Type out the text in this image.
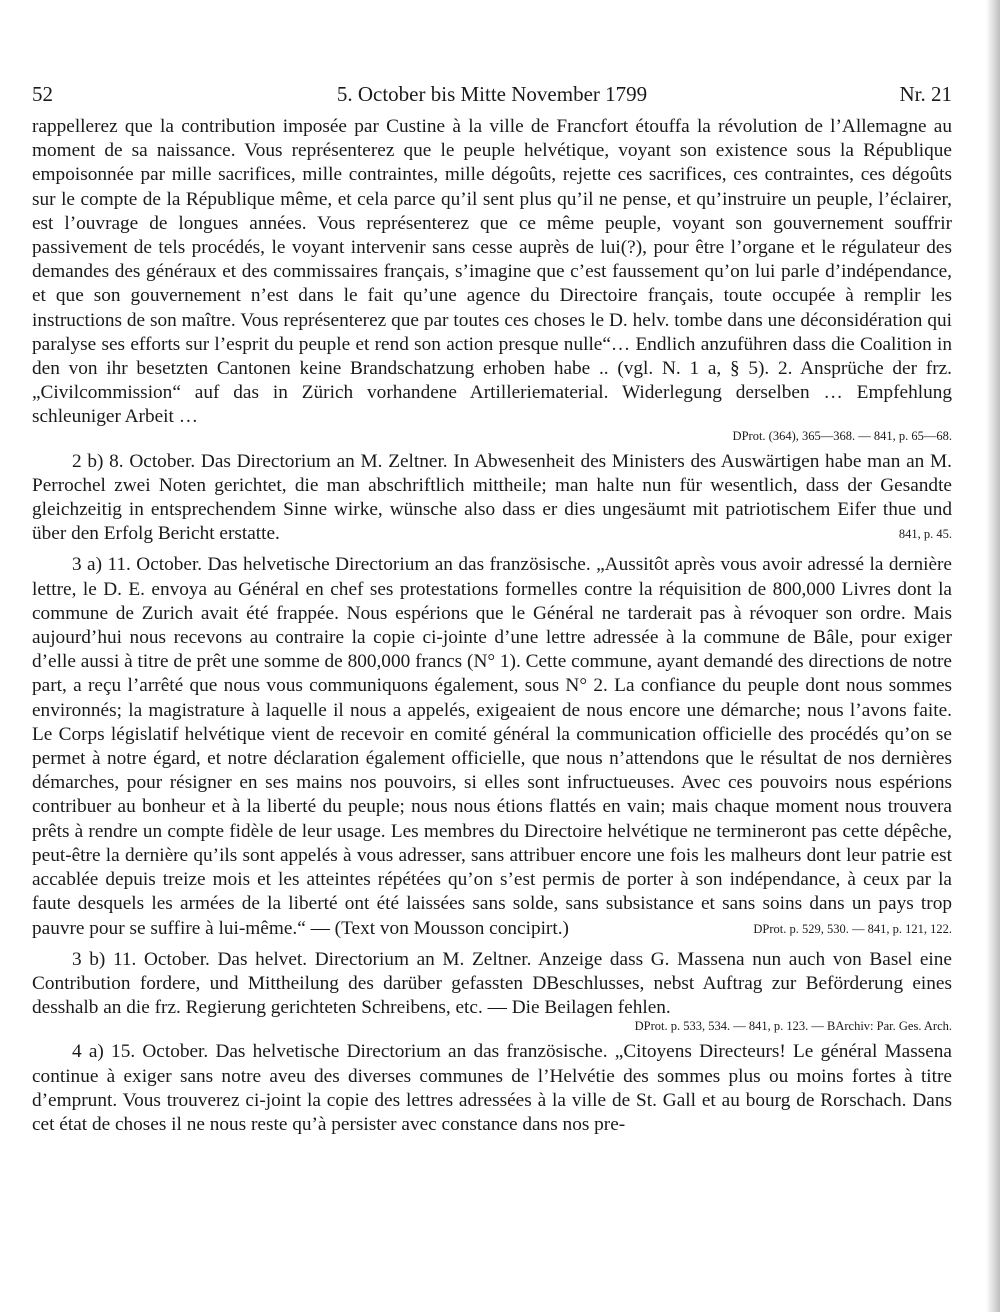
52	5. October bis Mitte November 1799	Nr. 21

rappellerez que la contribution imposée par Custine à la ville de Francfort étouffa la révolution de l’Allemagne au moment de sa naissance. Vous représenterez que le peuple helvétique, voyant son existence sous la République empoisonnée par mille sacrifices, mille contraintes, mille dégoûts, rejette ces sacrifices, ces contraintes, ces dégoûts sur le compte de la République même, et cela parce qu’il sent plus qu’il ne pense, et qu’instruire un peuple, l’éclairer, est l’ouvrage de longues années. Vous représenterez que ce même peuple, voyant son gouvernement souffrir passivement de tels procédés, le voyant intervenir sans cesse auprès de lui(?), pour être l’organe et le régulateur des demandes des généraux et des commissaires français, s’imagine que c’est faussement qu’on lui parle d’indépendance, et que son gouvernement n’est dans le fait qu’une agence du Directoire français, toute occupée à remplir les instructions de son maître. Vous représenterez que par toutes ces choses le D. helv. tombe dans une déconsidération qui paralyse ses efforts sur l’esprit du peuple et rend son action presque nulle“… Endlich anzuführen dass die Coalition in den von ihr besetzten Cantonen keine Brandschatzung erhoben habe .. (vgl. N. 1 a, § 5). 2. Ansprüche der frz. „Civilcommission“ auf das in Zürich vorhandene Artilleriematerial. Widerlegung derselben … Empfehlung schleuniger Arbeit …

DProt. (364), 365—368. — 841, p. 65—68.

2 b) 8. October. Das Directorium an M. Zeltner. In Abwesenheit des Ministers des Auswärtigen habe man an M. Perrochel zwei Noten gerichtet, die man abschriftlich mittheile; man halte nun für wesentlich, dass der Gesandte gleichzeitig in entsprechendem Sinne wirke, wünsche also dass er dies ungesäumt mit patriotischem Eifer thue und über den Erfolg Bericht erstatte.	841, p. 45.

3 a) 11. October. Das helvetische Directorium an das französische. „Aussitôt après vous avoir adressé la dernière lettre, le D. E. envoya au Général en chef ses protestations formelles contre la réquisition de 800,000 Livres dont la commune de Zurich avait été frappée. Nous espérions que le Général ne tarderait pas à révoquer son ordre. Mais aujourd’hui nous recevons au contraire la copie ci-jointe d’une lettre adressée à la commune de Bâle, pour exiger d’elle aussi à titre de prêt une somme de 800,000 francs (N° 1). Cette commune, ayant demandé des directions de notre part, a reçu l’arrêté que nous vous communiquons également, sous N° 2. La confiance du peuple dont nous sommes environnés; la magistrature à laquelle il nous a appelés, exigeaient de nous encore une démarche; nous l’avons faite. Le Corps législatif helvétique vient de recevoir en comité général la communication officielle des procédés qu’on se permet à notre égard, et notre déclaration également officielle, que nous n’attendons que le résultat de nos dernières démarches, pour résigner en ses mains nos pouvoirs, si elles sont infructueuses. Avec ces pouvoirs nous espérions contribuer au bonheur et à la liberté du peuple; nous nous étions flattés en vain; mais chaque moment nous trouvera prêts à rendre un compte fidèle de leur usage. Les membres du Directoire helvétique ne termineront pas cette dépêche, peut-être la dernière qu’ils sont appelés à vous adresser, sans attribuer encore une fois les malheurs dont leur patrie est accablée depuis treize mois et les atteintes répétées qu’on s’est permis de porter à son indépendance, à ceux par la faute desquels les armées de la liberté ont été laissées sans solde, sans subsistance et sans soins dans un pays trop pauvre pour se suffire à lui-même.“ — (Text von Mousson concipirt.)	DProt. p. 529, 530. — 841, p. 121, 122.

3 b) 11. October. Das helvet. Directorium an M. Zeltner. Anzeige dass G. Massena nun auch von Basel eine Contribution fordere, und Mittheilung des darüber gefassten DBeschlusses, nebst Auftrag zur Beförderung eines desshalb an die frz. Regierung gerichteten Schreibens, etc. — Die Beilagen fehlen.

DProt. p. 533, 534. — 841, p. 123. — BArchiv: Par. Ges. Arch.

4 a) 15. October. Das helvetische Directorium an das französische. „Citoyens Directeurs! Le général Massena continue à exiger sans notre aveu des diverses communes de l’Helvétie des sommes plus ou moins fortes à titre d’emprunt. Vous trouverez ci-joint la copie des lettres adressées à la ville de St. Gall et au bourg de Rorschach. Dans cet état de choses il ne nous reste qu’à persister avec constance dans nos pre-
